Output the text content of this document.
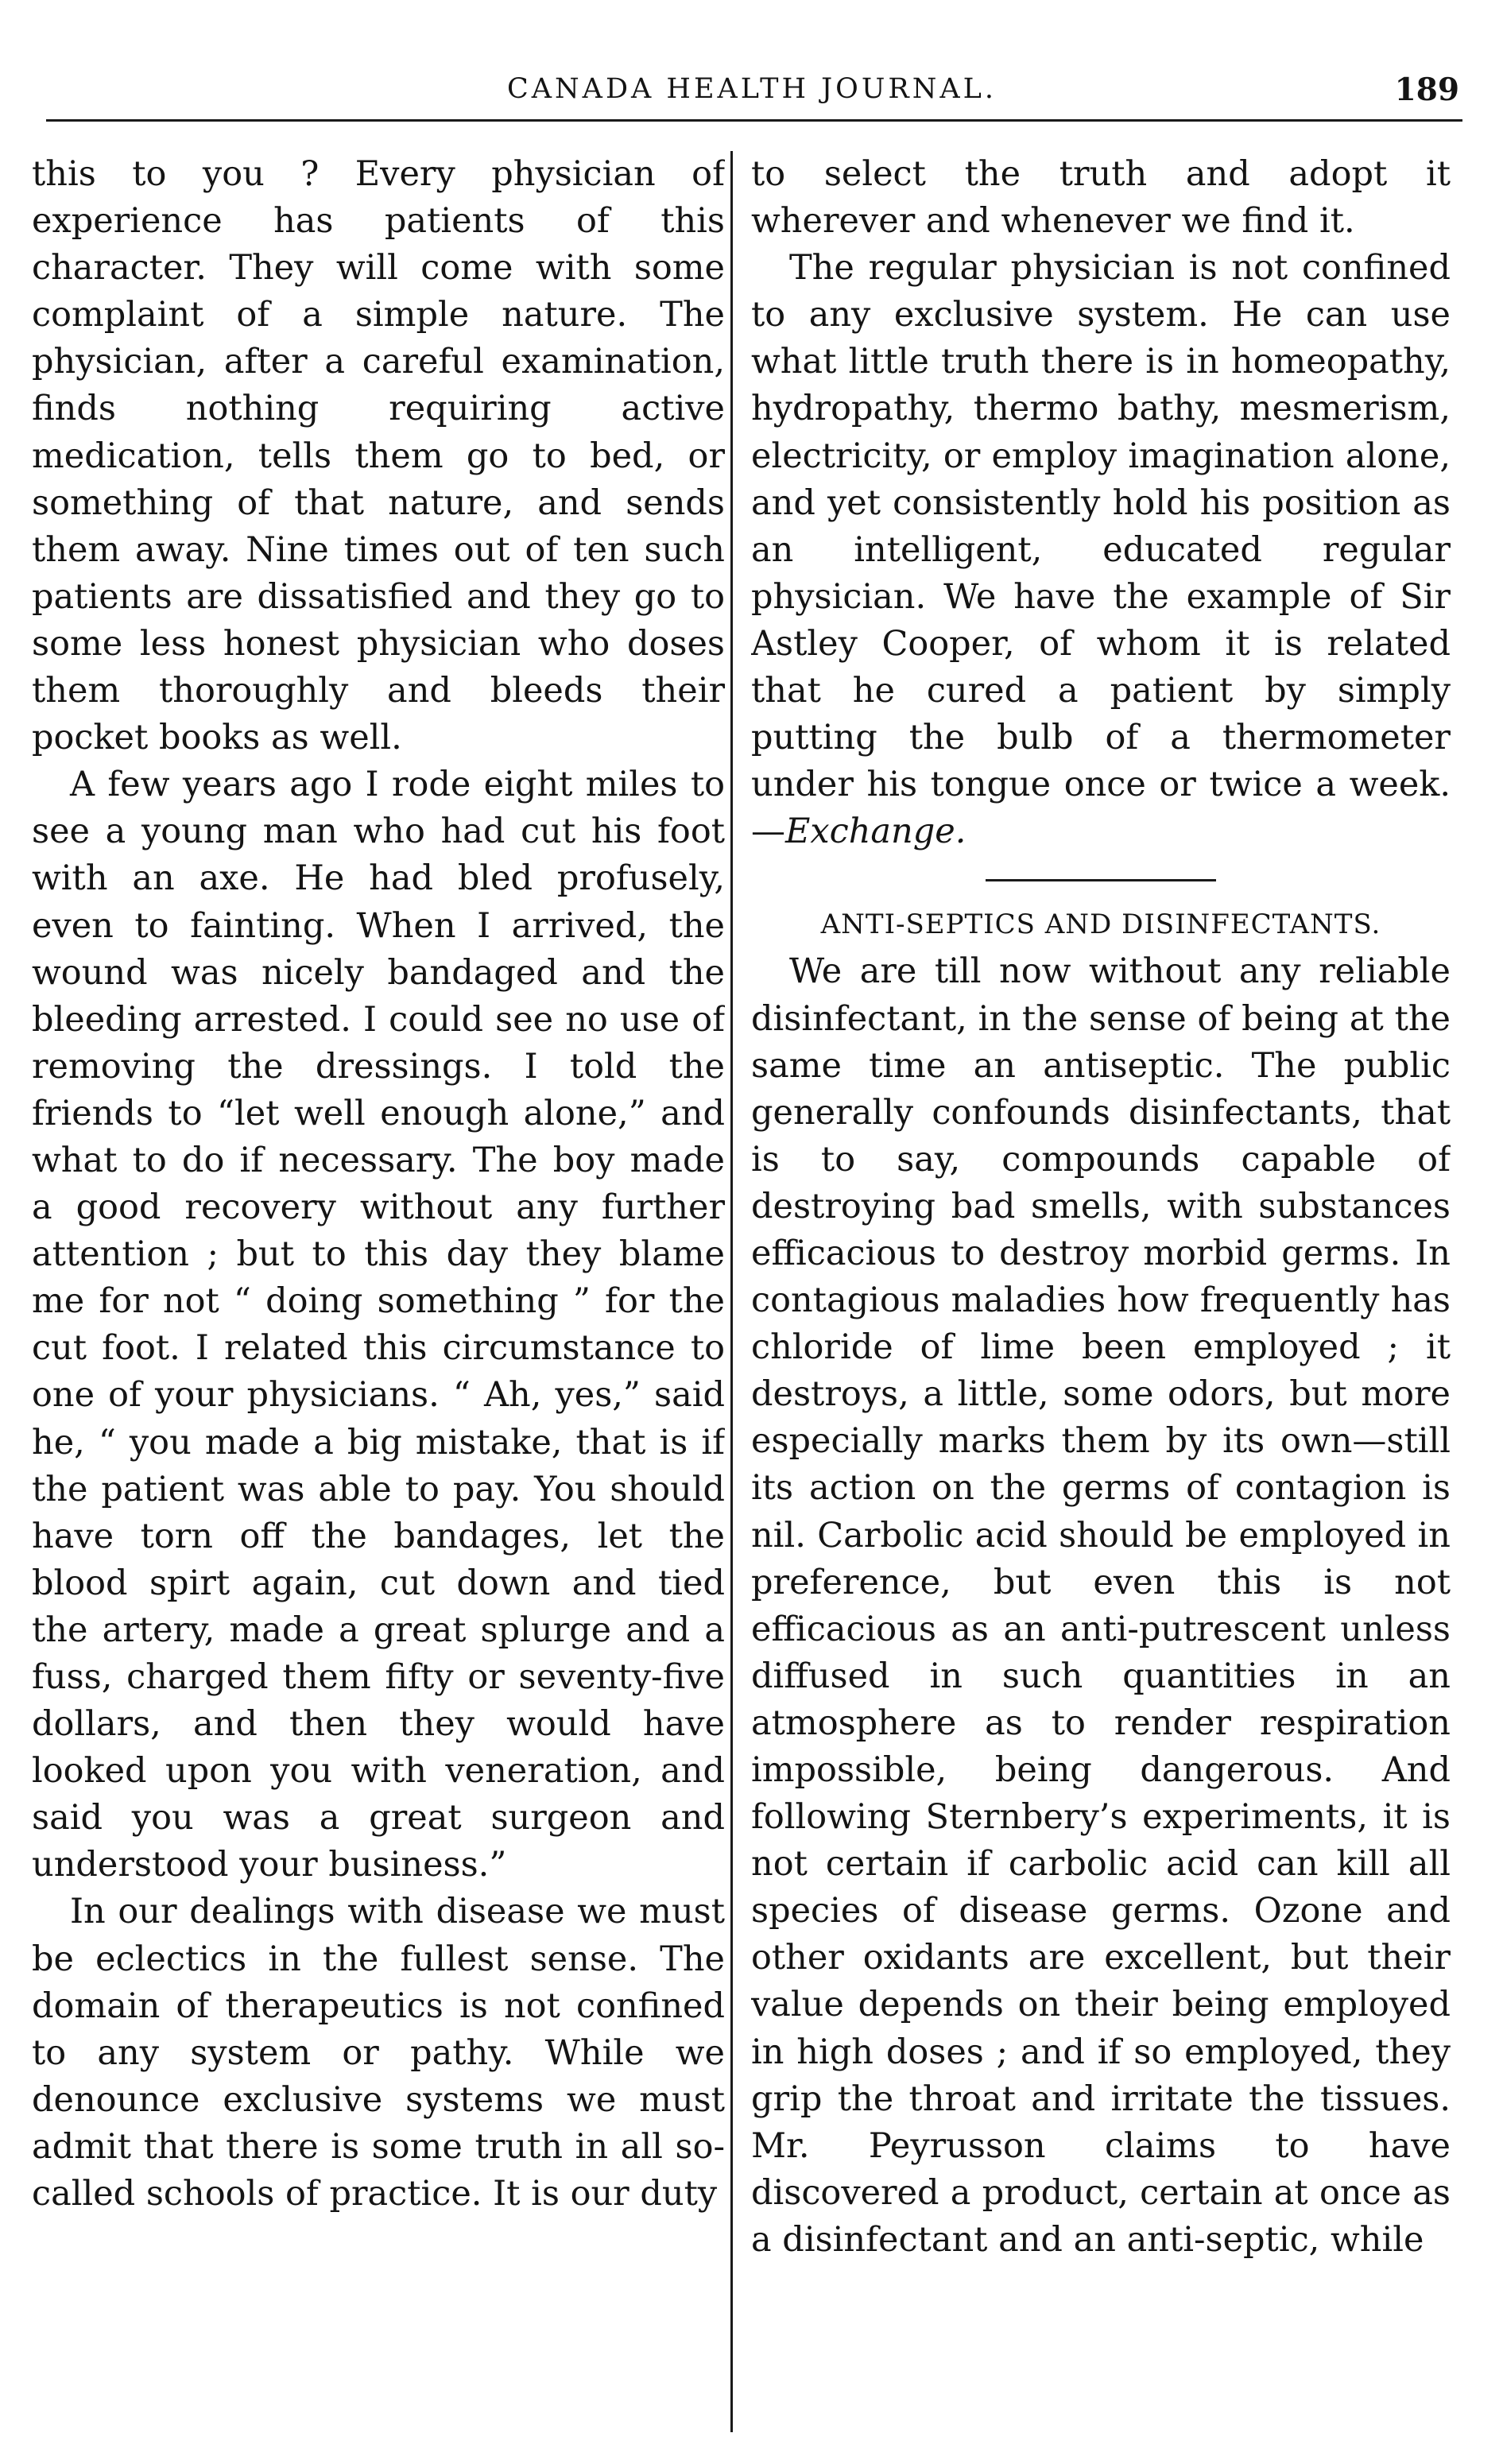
CANADA HEALTH JOURNAL.	189

this to you ? Every physician of experience has patients of this character. They will come with some complaint of a simple nature. The physician, after a careful examination, finds nothing requiring active medication, tells them go to bed, or something of that nature, and sends them away. Nine times out of ten such patients are dissatisfied and they go to some less honest physician who doses them thoroughly and bleeds their pocket books as well.

A few years ago I rode eight miles to see a young man who had cut his foot with an axe. He had bled profusely, even to fainting. When I arrived, the wound was nicely bandaged and the bleeding arrested. I could see no use of removing the dressings. I told the friends to “let well enough alone,” and what to do if necessary. The boy made a good recovery without any further attention ; but to this day they blame me for not “ doing something ” for the cut foot. I related this circumstance to one of your physicians. “ Ah, yes,” said he, “ you made a big mistake, that is if the patient was able to pay. You should have torn off the bandages, let the blood spirt again, cut down and tied the artery, made a great splurge and a fuss, charged them fifty or seventy-five dollars, and then they would have looked upon you with veneration, and said you was a great surgeon and understood your business.”

In our dealings with disease we must be eclectics in the fullest sense. The domain of therapeutics is not confined to any system or pathy. While we denounce exclusive systems we must admit that there is some truth in all so-called schools of practice. It is our duty

to select the truth and adopt it wherever and whenever we find it.

The regular physician is not confined to any exclusive system. He can use what little truth there is in homeopathy, hydropathy, thermo bathy, mesmerism, electricity, or employ imagination alone, and yet consistently hold his position as an intelligent, educated regular physician. We have the example of Sir Astley Cooper, of whom it is related that he cured a patient by simply putting the bulb of a thermometer under his tongue once or twice a week.—Exchange.

ANTI-SEPTICS AND DISINFECTANTS.

We are till now without any reliable disinfectant, in the sense of being at the same time an antiseptic. The public generally confounds disinfectants, that is to say, compounds capable of destroying bad smells, with substances efficacious to destroy morbid germs. In contagious maladies how frequently has chloride of lime been employed ; it destroys, a little, some odors, but more especially marks them by its own—still its action on the germs of contagion is nil. Carbolic acid should be employed in preference, but even this is not efficacious as an anti-putrescent unless diffused in such quantities in an atmosphere as to render respiration impossible, being dangerous. And following Sternbery’s experiments, it is not certain if carbolic acid can kill all species of disease germs. Ozone and other oxidants are excellent, but their value depends on their being employed in high doses ; and if so employed, they grip the throat and irritate the tissues. Mr. Peyrusson claims to have discovered a product, certain at once as a disinfectant and an anti-septic, while
